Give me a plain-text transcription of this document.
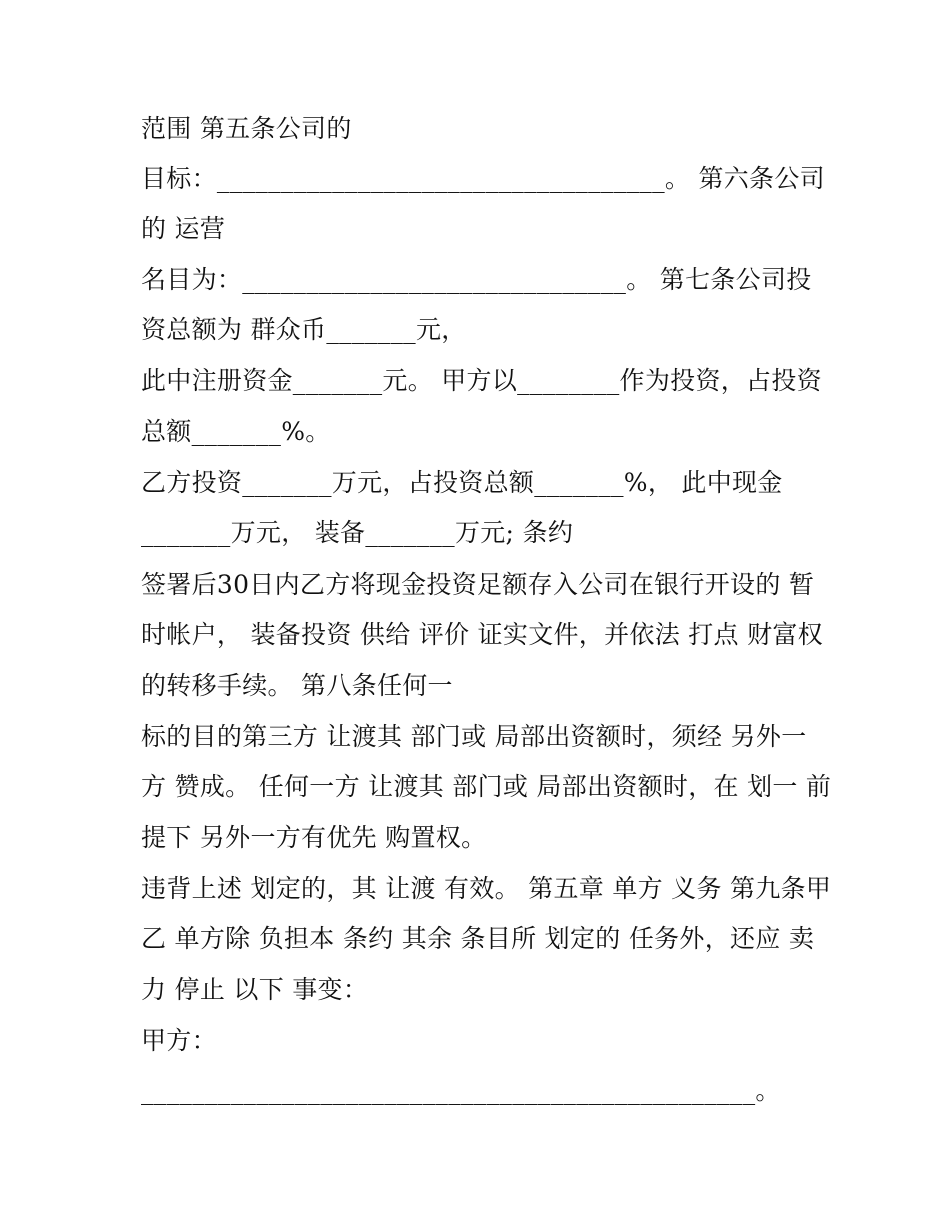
范围 第五条公司的
目标：___________________________________。 第六条公司
的 运营
名目为：______________________________。 第七条公司投
资总额为 群众币_______元，
此中注册资金_______元。 甲方以________作为投资，占投资
总额_______%。
乙方投资_______万元，占投资总额_______%， 此中现金
_______万元， 装备_______万元; 条约
签署后30日内乙方将现金投资足额存入公司在银行开设的 暂
时帐户， 装备投资 供给 评价 证实文件，并依法 打点 财富权
的转移手续。 第八条任何一
标的目的第三方 让渡其 部门或 局部出资额时，须经 另外一
方 赞成。 任何一方 让渡其 部门或 局部出资额时，在 划一 前
提下 另外一方有优先 购置权。
违背上述 划定的，其 让渡 有效。 第五章 单方 义务 第九条甲
乙 单方除 负担本 条约 其余 条目所 划定的 任务外，还应 卖
力 停止 以下 事变：
甲方：
________________________________________________。
